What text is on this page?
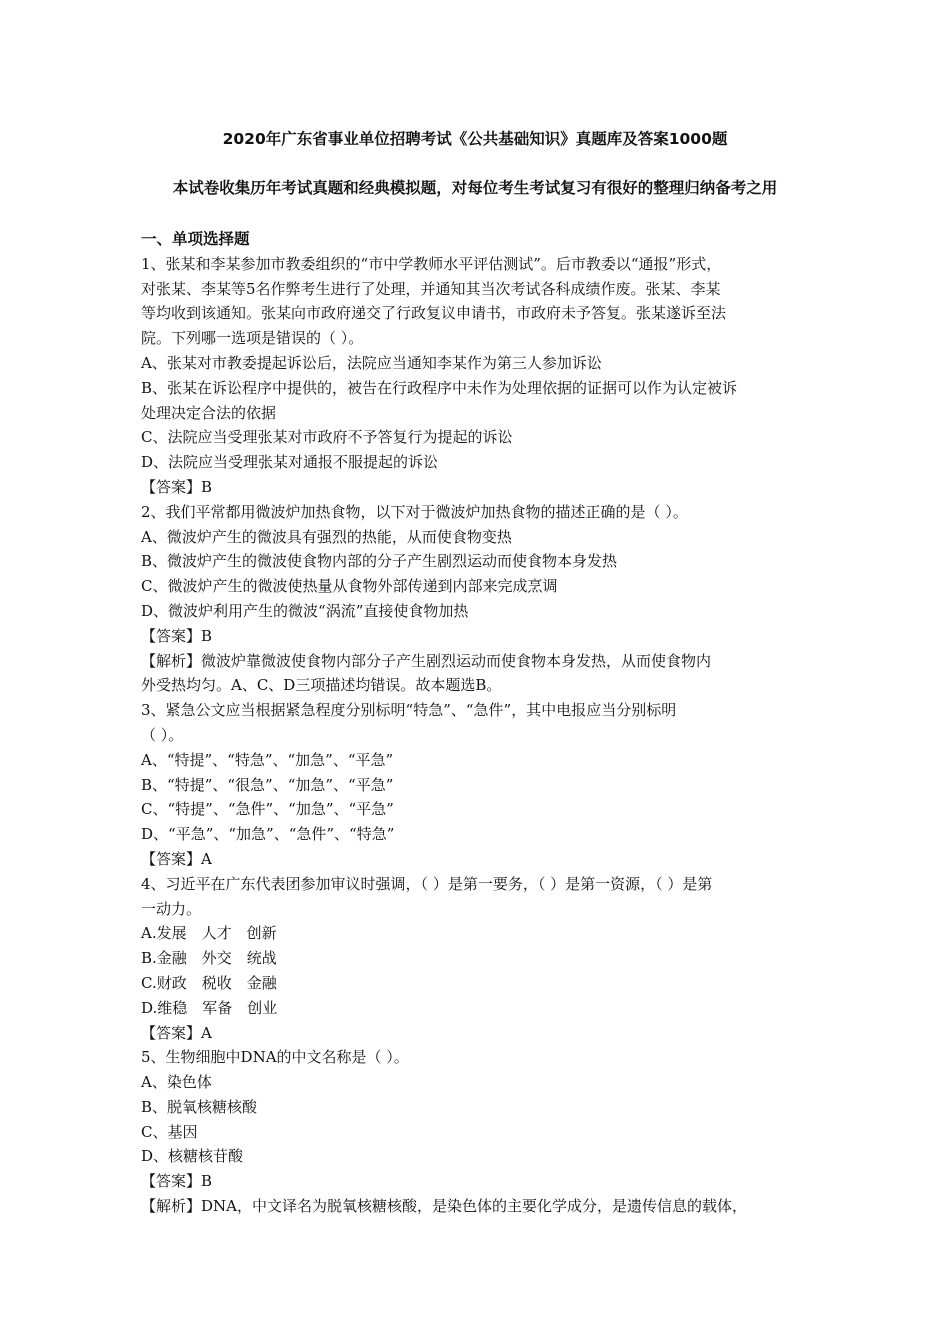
2020年广东省事业单位招聘考试《公共基础知识》真题库及答案1000题
本试卷收集历年考试真题和经典模拟题，对每位考生考试复习有很好的整理归纳备考之用
一、单项选择题
1、张某和李某参加市教委组织的“市中学教师水平评估测试”。后市教委以“通报”形式，
对张某、李某等5名作弊考生进行了处理，并通知其当次考试各科成绩作废。张某、李某
等均收到该通知。张某向市政府递交了行政复议申请书，市政府未予答复。张某遂诉至法
院。下列哪一选项是错误的（ ）。
A、张某对市教委提起诉讼后，法院应当通知李某作为第三人参加诉讼
B、张某在诉讼程序中提供的，被告在行政程序中未作为处理依据的证据可以作为认定被诉
处理决定合法的依据
C、法院应当受理张某对市政府不予答复行为提起的诉讼
D、法院应当受理张某对通报不服提起的诉讼
【答案】B
2、我们平常都用微波炉加热食物，以下对于微波炉加热食物的描述正确的是（ ）。
A、微波炉产生的微波具有强烈的热能，从而使食物变热
B、微波炉产生的微波使食物内部的分子产生剧烈运动而使食物本身发热
C、微波炉产生的微波使热量从食物外部传递到内部来完成烹调
D、微波炉利用产生的微波“涡流”直接使食物加热
【答案】B
【解析】微波炉靠微波使食物内部分子产生剧烈运动而使食物本身发热，从而使食物内
外受热均匀。A、C、D三项描述均错误。故本题选B。
3、紧急公文应当根据紧急程度分别标明“特急”、“急件”，其中电报应当分别标明
（ ）。
A、“特提”、“特急”、“加急”、“平急”
B、“特提”、“很急”、“加急”、“平急”
C、“特提”、“急件”、“加急”、“平急”
D、“平急”、“加急”、“急件”、“特急”
【答案】A
4、习近平在广东代表团参加审议时强调，（ ）是第一要务，（ ）是第一资源，（ ）是第
一动力。
A.发展　人才　创新
B.金融　外交　统战
C.财政　税收　金融
D.维稳　军备　创业
【答案】A
5、生物细胞中DNA的中文名称是（ ）。
A、染色体
B、脱氧核糖核酸
C、基因
D、核糖核苷酸
【答案】B
【解析】DNA，中文译名为脱氧核糖核酸，是染色体的主要化学成分，是遗传信息的载体，
